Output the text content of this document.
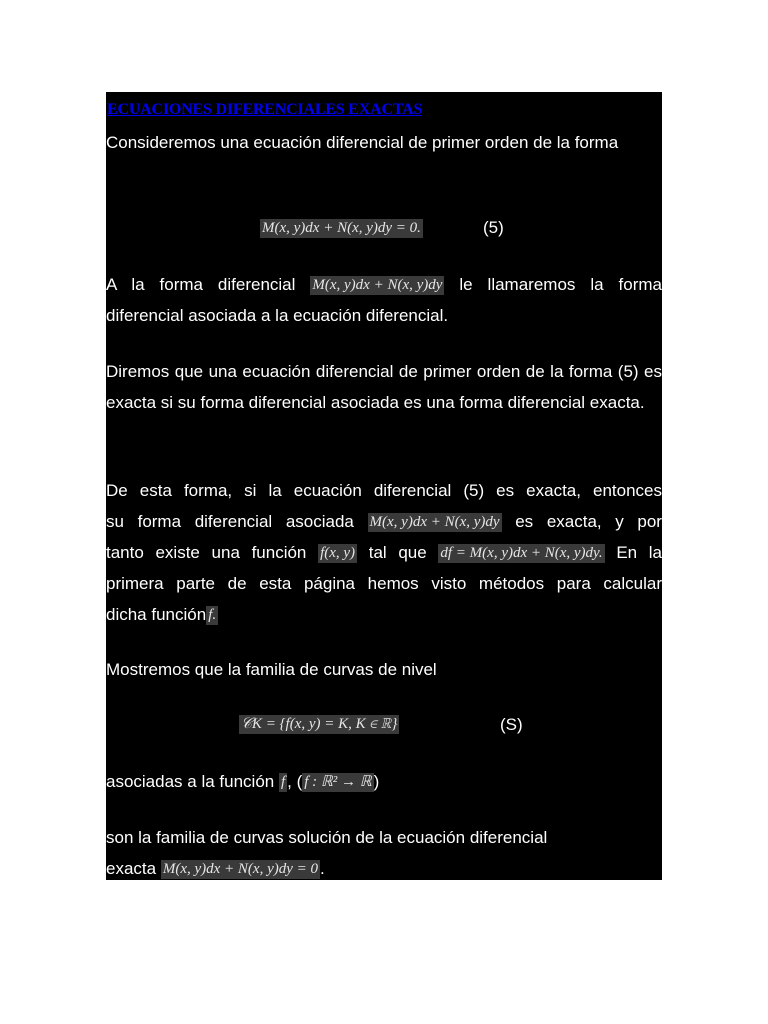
ECUACIONES DIFERENCIALES EXACTAS
Consideremos una ecuación diferencial de primer orden de la forma
M(x, y)dx + N(x, y)dy = 0.	(5)
A la forma diferencial M(x, y)dx + N(x, y)dy le llamaremos la forma
diferencial asociada a la ecuación diferencial.
Diremos que una ecuación diferencial de primer orden de la forma (5) es exacta si su forma diferencial asociada es una forma diferencial exacta.
De esta forma, si la ecuación diferencial (5) es exacta, entonces
su forma diferencial asociada M(x, y)dx + N(x, y)dy es exacta, y por
tanto existe una función f(x, y) tal que df = M(x, y)dx + N(x, y)dy. En la
primera parte de esta página hemos visto métodos para calcular
dicha función f.
Mostremos que la familia de curvas de nivel
𝒞K = {f(x, y) = K, K ∈ ℝ}	(S)
asociadas a la función f , ( f : ℝ² → ℝ )
son la familia de curvas solución de la ecuación diferencial
exacta M(x, y)dx + N(x, y)dy = 0 .
